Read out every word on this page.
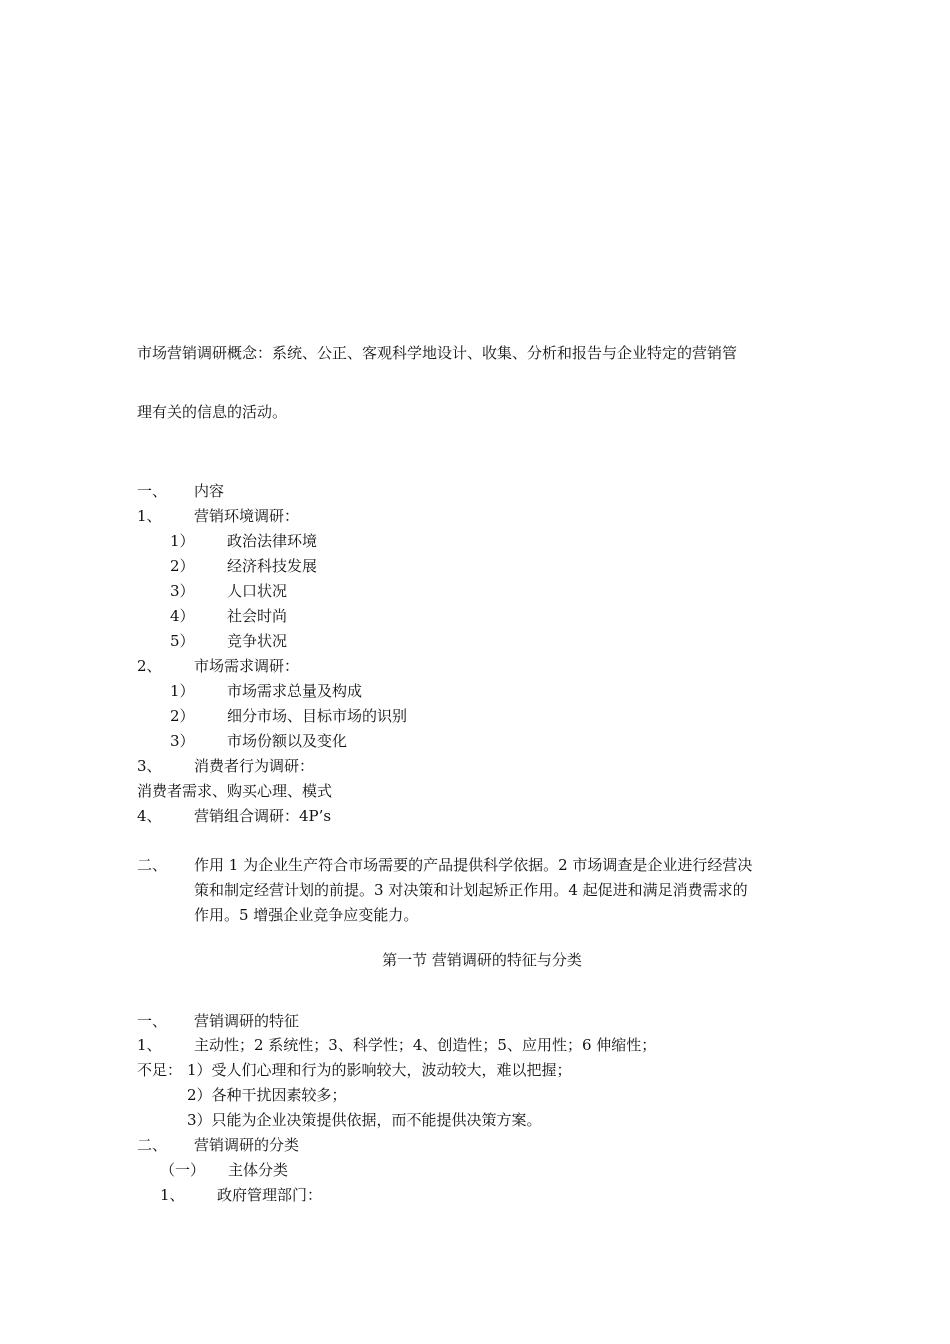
市场营销调研概念：系统、公正、客观科学地设计、收集、分析和报告与企业特定的营销管
理有关的信息的活动。
一、 内容
1、 营销环境调研：
1） 政治法律环境
2） 经济科技发展
3） 人口状况
4） 社会时尚
5） 竞争状况
2、 市场需求调研：
1） 市场需求总量及构成
2） 细分市场、目标市场的识别
3） 市场份额以及变化
3、 消费者行为调研：
消费者需求、购买心理、模式
4、 营销组合调研：4P’s
二、 作用 1 为企业生产符合市场需要的产品提供科学依据。2 市场调查是企业进行经营决
策和制定经营计划的前提。3 对决策和计划起矫正作用。4 起促进和满足消费需求的
作用。5 增强企业竞争应变能力。
第一节 营销调研的特征与分类
一、 营销调研的特征
1、 主动性；2 系统性；3、科学性；4、创造性；5、应用性；6 伸缩性；
不足： 1）受人们心理和行为的影响较大，波动较大，难以把握；
2）各种干扰因素较多；
3）只能为企业决策提供依据，而不能提供决策方案。
二、 营销调研的分类
（一） 主体分类
1、 政府管理部门：
